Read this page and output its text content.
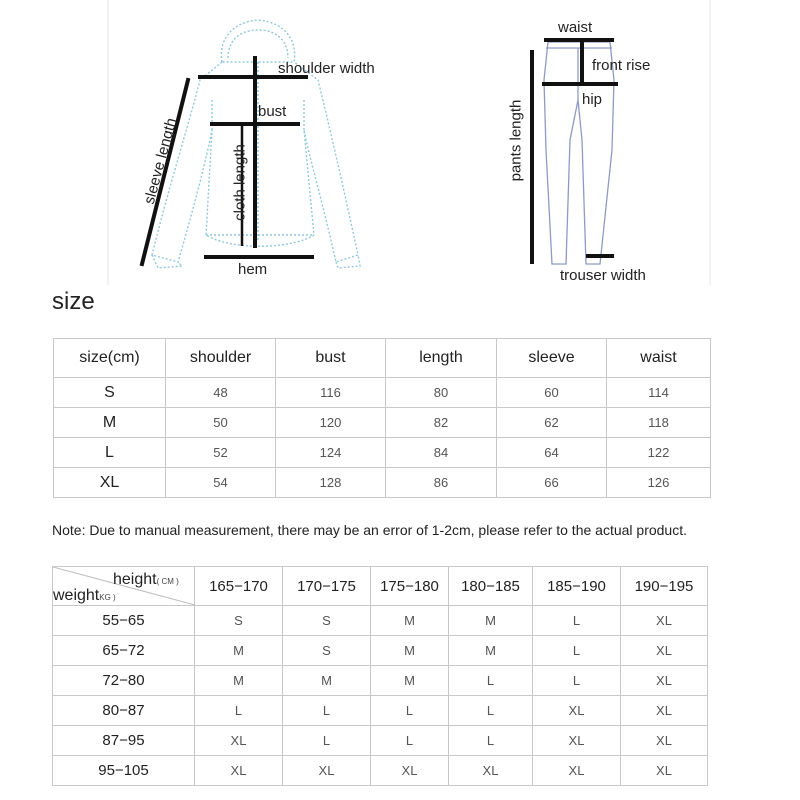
shoulder width
bust
sleeve length	cloth length
hem
waist
front rise
hip
pants length
trouser width
size
size(cm)	shoulder	bust	length	sleeve	waist
S	48	116	80	60	114
M	50	120	82	62	118
L	52	124	84	64	122
XL	54	128	86	66	126
Note: Due to manual measurement, there may be an error of 1-2cm, please refer to the actual product.
height( CM )
weightKG )	165−170	170−175	175−180	180−185	185−190	190−195
55−65	S	S	M	M	L	XL
65−72	M	S	M	M	L	XL
72−80	M	M	M	L	L	XL
80−87	L	L	L	L	XL	XL
87−95	XL	L	L	L	XL	XL
95−105	XL	XL	XL	XL	XL	XL
